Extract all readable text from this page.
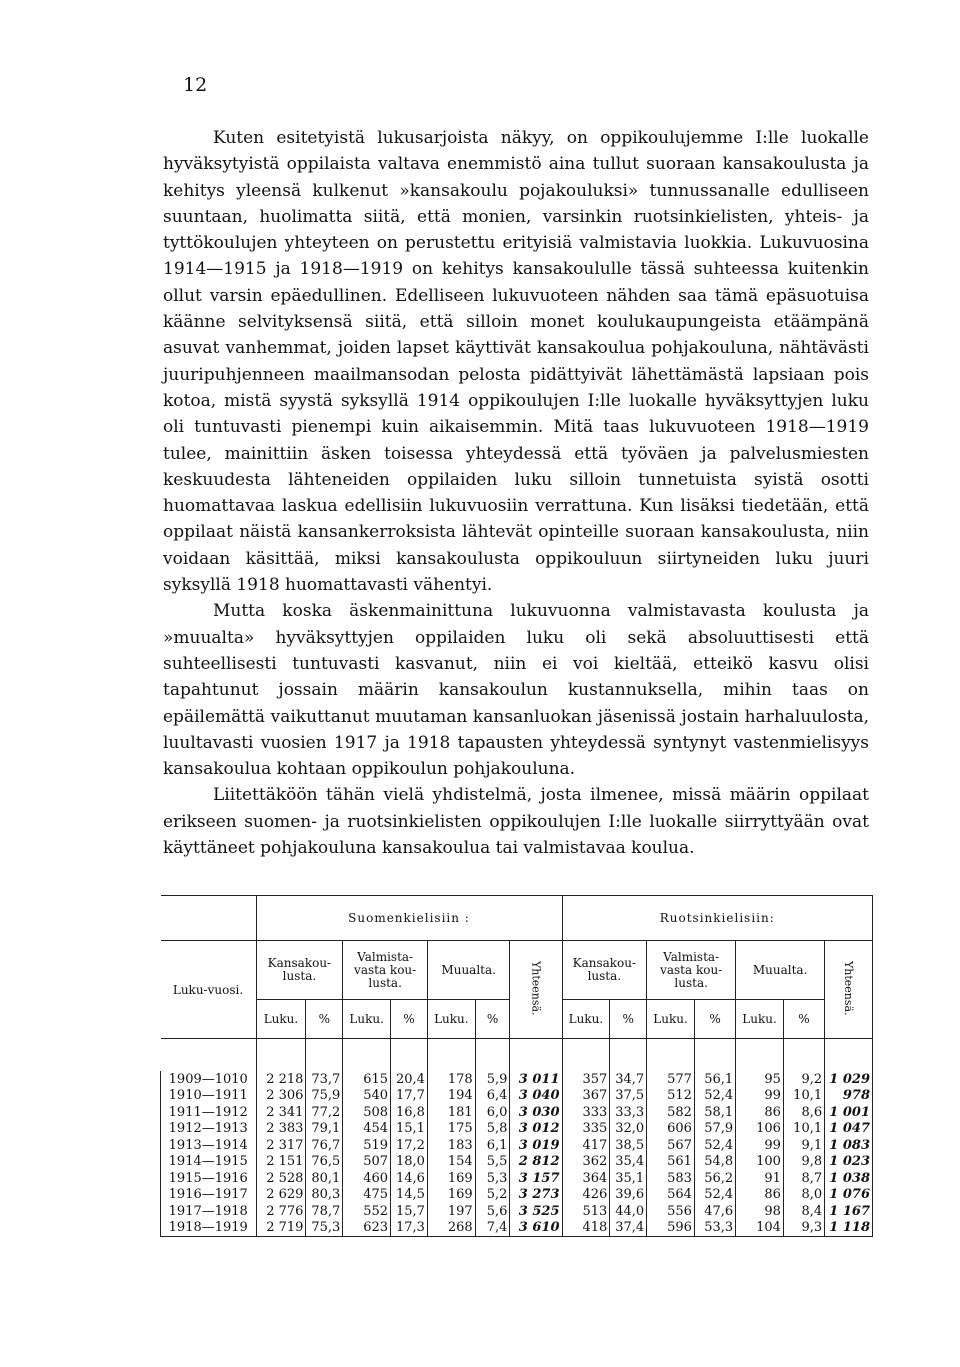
12

Kuten esitetyistä lukusarjoista näkyy, on oppikoulujemme I:lle luokalle hyväksytyistä oppilaista valtava enemmistö aina tullut suoraan kansakoulusta ja kehitys yleensä kulkenut »kansakoulu pojakouluksi» tunnussanalle edulliseen suuntaan, huolimatta siitä, että monien, varsinkin ruotsinkielisten, yhteis- ja tyttökoulujen yhteyteen on perustettu erityisiä valmistavia luokkia. Lukuvuosina 1914—1915 ja 1918—1919 on kehitys kansakoululle tässä suhteessa kuitenkin ollut varsin epäedullinen. Edelliseen lukuvuoteen nähden saa tämä epäsuotuisa käänne selvityksensä siitä, että silloin monet koulukaupungeista etäämpänä asuvat vanhemmat, joiden lapset käyttivät kansakoulua pohjakouluna, nähtävästi juuripuhjenneen maailmansodan pelosta pidättyivät lähettämästä lapsiaan pois kotoa, mistä syystä syksyllä 1914 oppikoulujen I:lle luokalle hyväksyttyjen luku oli tuntuvasti pienempi kuin aikaisemmin. Mitä taas lukuvuoteen 1918—1919 tulee, mainittiin äsken toisessa yhteydessä että työväen ja palvelusmiesten keskuudesta lähteneiden oppilaiden luku silloin tunnetuista syistä osotti huomattavaa laskua edellisiin lukuvuosiin verrattuna. Kun lisäksi tiedetään, että oppilaat näistä kansankerroksista lähtevät opinteille suoraan kansakoulusta, niin voidaan käsittää, miksi kansakoulusta oppikouluun siirtyneiden luku juuri syksyllä 1918 huomattavasti vähentyi.

Mutta koska äskenmainittuna lukuvuonna valmistavasta koulusta ja »muualta» hyväksyttyjen oppilaiden luku oli sekä absoluuttisesti että suhteellisesti tuntuvasti kasvanut, niin ei voi kieltää, etteikö kasvu olisi tapahtunut jossain määrin kansakoulun kustannuksella, mihin taas on epäilemättä vaikuttanut muutaman kansanluokan jäsenissä jostain harhaluulosta, luultavasti vuosien 1917 ja 1918 tapausten yhteydessä syntynyt vastenmielisyys kansakoulua kohtaan oppikoulun pohjakouluna.

Liitettäköön tähän vielä yhdistelmä, josta ilmenee, missä määrin oppilaat erikseen suomen- ja ruotsinkielisten oppikoulujen I:lle luokalle siirryttyään ovat käyttäneet pohjakouluna kansakoulua tai valmistavaa koulua.

	Suomenkielisiin :							Ruotsinkielisiin:						
Luku-vuosi.	Kansakou-lusta.		Valmista-vasta kou-lusta.		Muualta.		Yhteensä.	Kansakou-lusta.		Valmista-vasta kou-lusta.		Muualta.		Yhteensä.
	Luku.	%	Luku.	%	Luku.	%		Luku.	%	Luku.	%	Luku.	%	

1909—1010	2 218	73,7	615	20,4	178	5,9	3 011	357	34,7	577	56,1	95	9,2	1 029
1910—1911	2 306	75,9	540	17,7	194	6,4	3 040	367	37,5	512	52,4	99	10,1	978
1911—1912	2 341	77,2	508	16,8	181	6,0	3 030	333	33,3	582	58,1	86	8,6	1 001
1912—1913	2 383	79,1	454	15,1	175	5,8	3 012	335	32,0	606	57,9	106	10,1	1 047
1913—1914	2 317	76,7	519	17,2	183	6,1	3 019	417	38,5	567	52,4	99	9,1	1 083
1914—1915	2 151	76,5	507	18,0	154	5,5	2 812	362	35,4	561	54,8	100	9,8	1 023
1915—1916	2 528	80,1	460	14,6	169	5,3	3 157	364	35,1	583	56,2	91	8,7	1 038
1916—1917	2 629	80,3	475	14,5	169	5,2	3 273	426	39,6	564	52,4	86	8,0	1 076
1917—1918	2 776	78,7	552	15,7	197	5,6	3 525	513	44,0	556	47,6	98	8,4	1 167
1918—1919	2 719	75,3	623	17,3	268	7,4	3 610	418	37,4	596	53,3	104	9,3	1 118
